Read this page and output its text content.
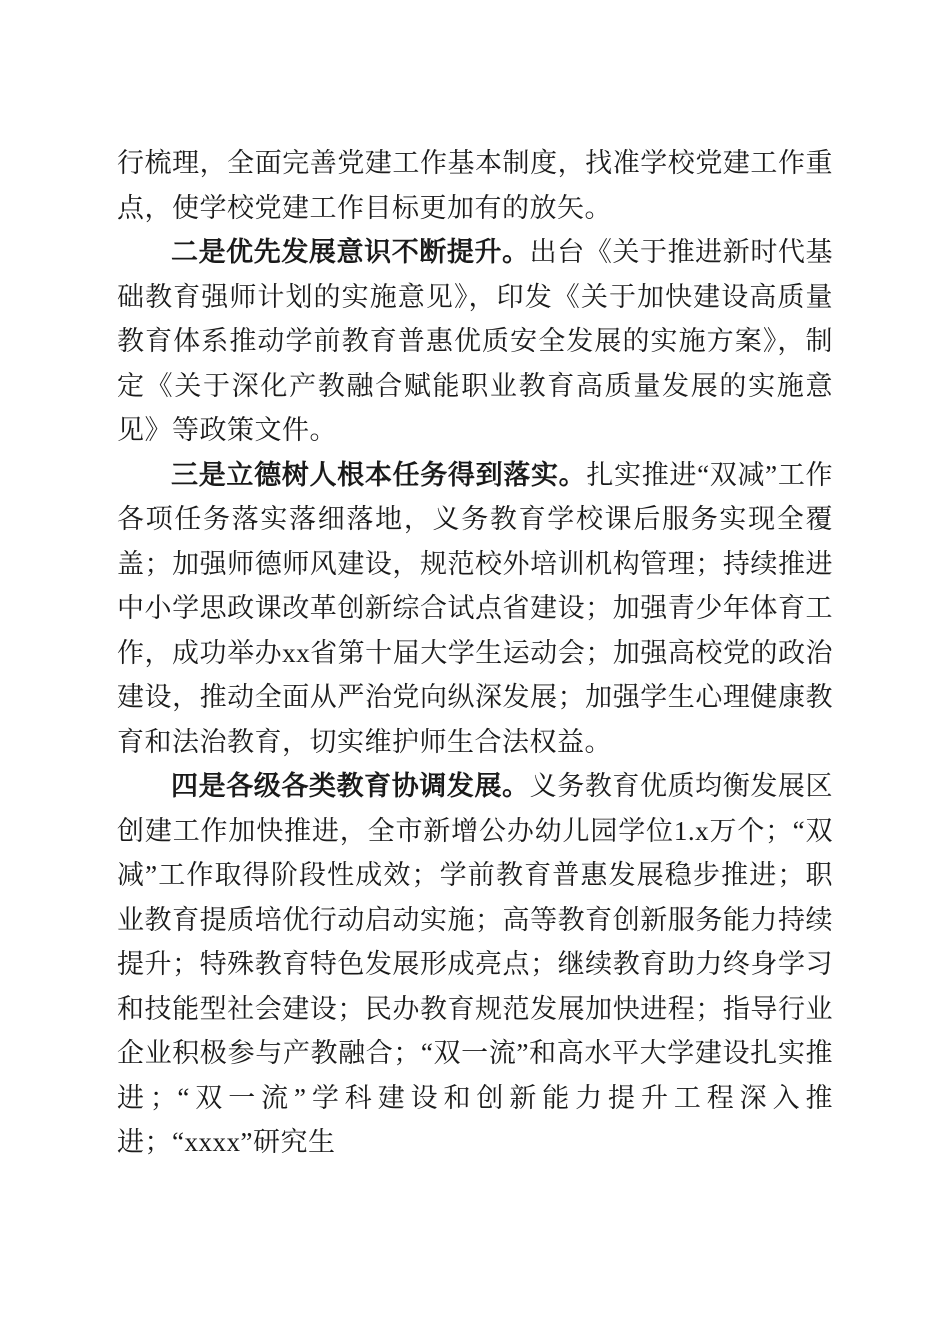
行梳理，全面完善党建工作基本制度，找准学校党建工作重点，使学校党建工作目标更加有的放矢。

二是优先发展意识不断提升。出台《关于推进新时代基础教育强师计划的实施意见》，印发《关于加快建设高质量教育体系推动学前教育普惠优质安全发展的实施方案》，制定《关于深化产教融合赋能职业教育高质量发展的实施意见》等政策文件。

三是立德树人根本任务得到落实。扎实推进“双减”工作各项任务落实落细落地，义务教育学校课后服务实现全覆盖；加强师德师风建设，规范校外培训机构管理；持续推进中小学思政课改革创新综合试点省建设；加强青少年体育工作，成功举办xx省第十届大学生运动会；加强高校党的政治建设，推动全面从严治党向纵深发展；加强学生心理健康教育和法治教育，切实维护师生合法权益。

四是各级各类教育协调发展。义务教育优质均衡发展区创建工作加快推进，全市新增公办幼儿园学位1.x万个；“双减”工作取得阶段性成效；学前教育普惠发展稳步推进；职业教育提质培优行动启动实施；高等教育创新服务能力持续提升；特殊教育特色发展形成亮点；继续教育助力终身学习和技能型社会建设；民办教育规范发展加快进程；指导行业企业积极参与产教融合；“双一流”和高水平大学建设扎实推进；“双一流”学科建设和创新能力提升工程深入推进；“xxxx”研究生
